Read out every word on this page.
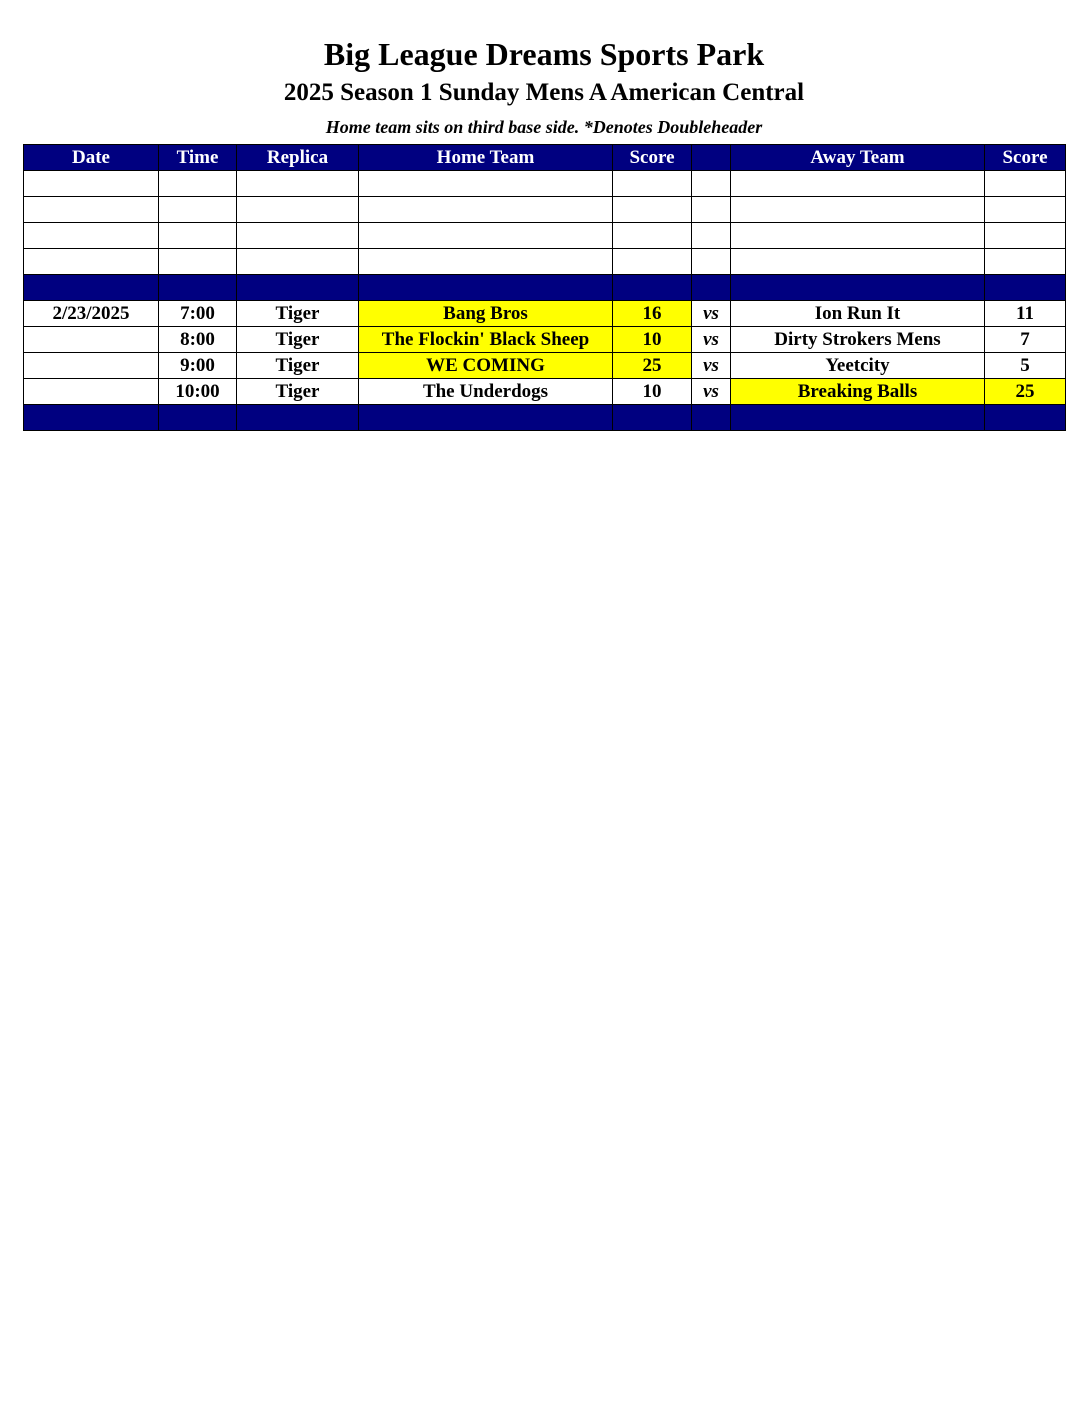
Big League Dreams Sports Park
2025 Season 1 Sunday Mens A American Central
Home team sits on third base side. *Denotes Doubleheader
Date	Time	Replica	Home Team	Score		Away Team	Score

2/23/2025	7:00	Tiger	Bang Bros	16	vs	Ion Run It	11
	8:00	Tiger	The Flockin' Black Sheep	10	vs	Dirty Strokers Mens	7
	9:00	Tiger	WE COMING	25	vs	Yeetcity	5
	10:00	Tiger	The Underdogs	10	vs	Breaking Balls	25
